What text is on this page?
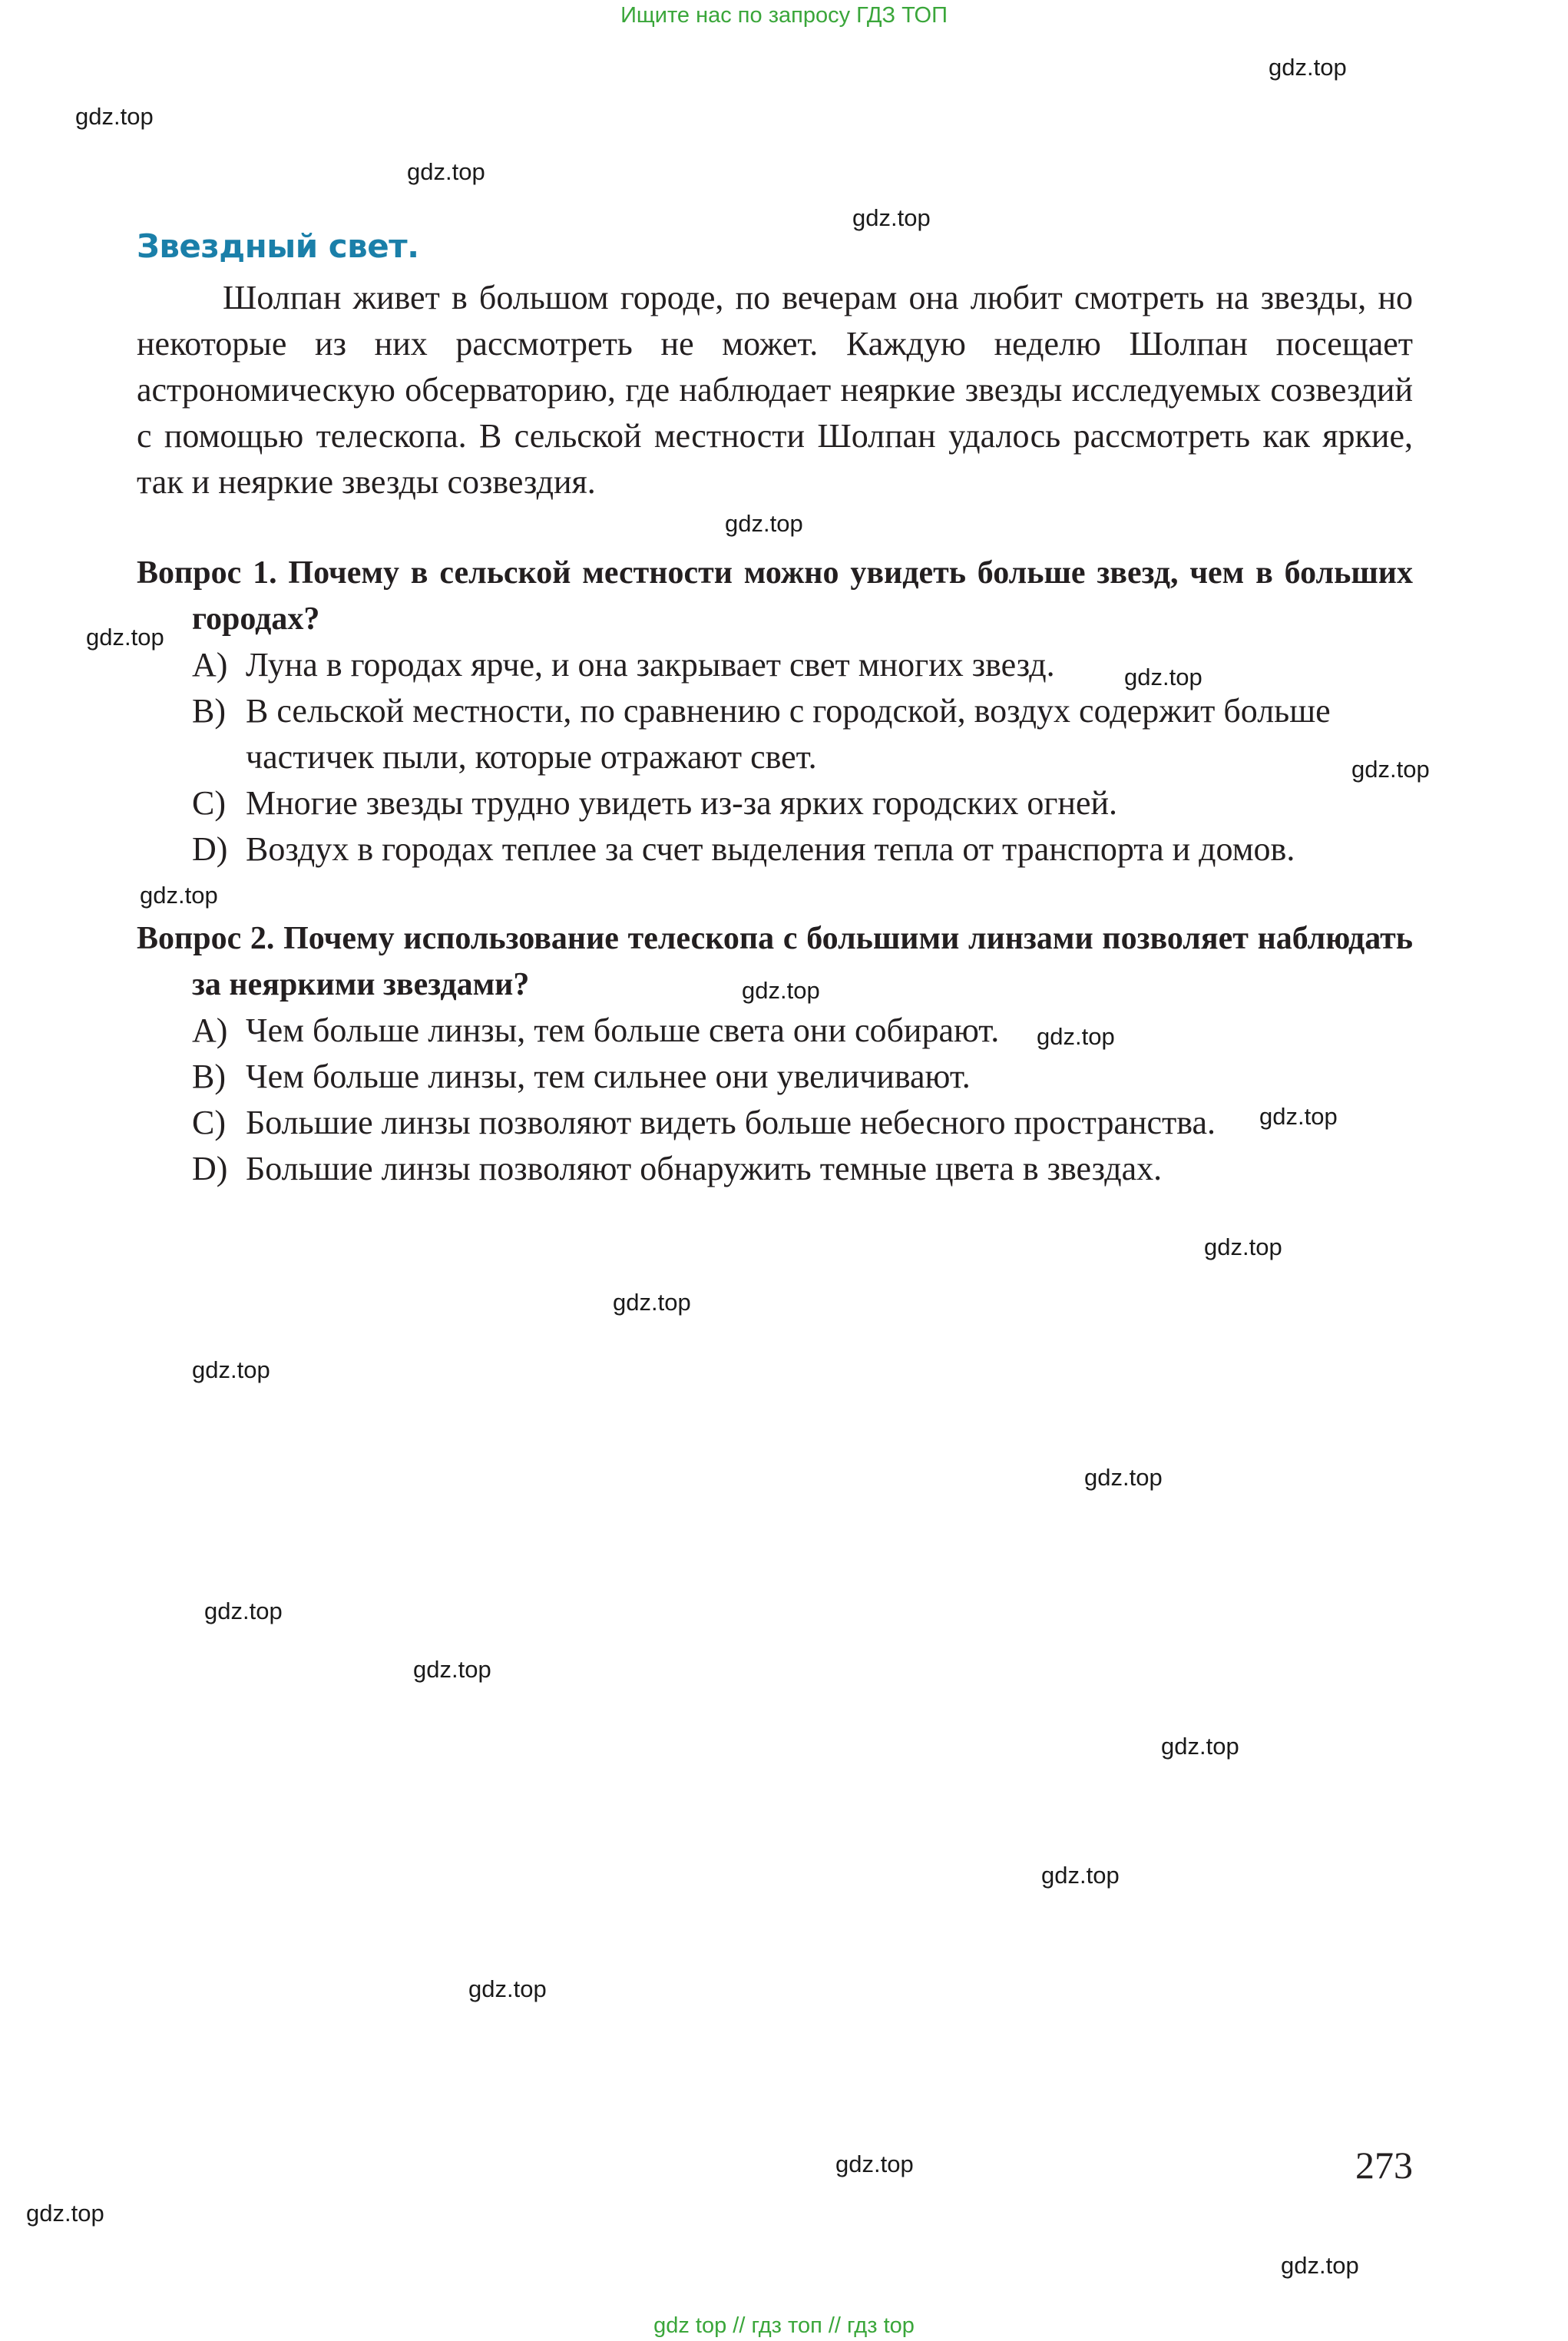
Ищите нас по запросу ГДЗ ТОП
gdz.top
gdz.top
gdz.top
gdz.top
gdz.top
gdz.top
gdz.top
gdz.top
gdz.top
gdz.top
gdz.top
gdz.top
gdz.top
gdz.top
gdz.top
gdz.top
gdz.top
gdz.top
gdz.top
gdz.top
gdz.top
gdz.top
gdz.top
gdz.top
Звездный свет.

Шолпан живет в большом городе, по вечерам она любит смотреть на звезды, но некоторые из них рассмотреть не может. Каждую неделю Шолпан посещает астрономическую обсерваторию, где наблюдает неяркие звезды исследуемых созвездий с помощью телескопа. В сельской местности Шолпан удалось рассмотреть как яркие, так и неяркие звезды созвездия.

Вопрос 1. Почему в сельской местности можно увидеть больше звезд, чем в больших городах?
A) Луна в городах ярче, и она закрывает свет многих звезд.
B) В сельской местности, по сравнению с городской, воздух содержит больше частичек пыли, которые отражают свет.
C) Многие звезды трудно увидеть из-за ярких городских огней.
D) Воздух в городах теплее за счет выделения тепла от транспорта и домов.
Вопрос 2. Почему использование телескопа с большими линзами позволяет наблюдать за неяркими звездами?
A) Чем больше линзы, тем больше света они собирают.
B) Чем больше линзы, тем сильнее они увеличивают.
C) Большие линзы позволяют видеть больше небесного пространства.
D) Большие линзы позволяют обнаружить темные цвета в звездах.
273
gdz top // гдз топ // гдз top
